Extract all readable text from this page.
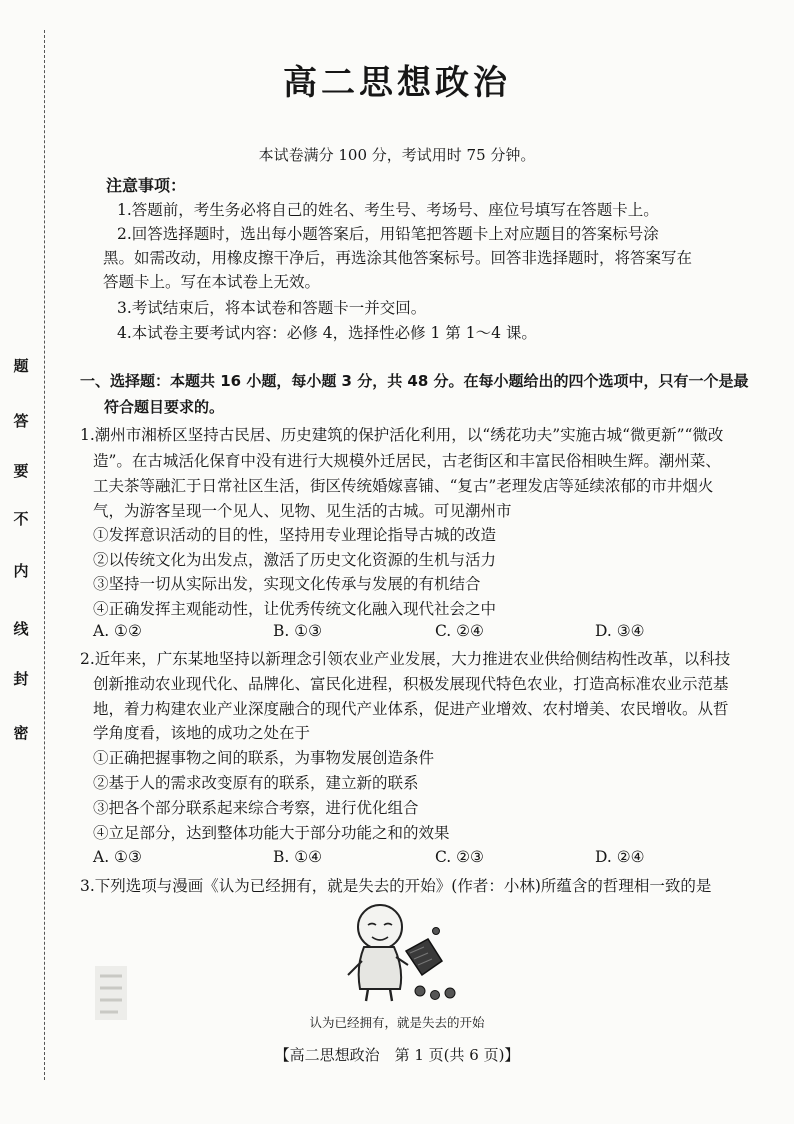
题
答
要
不
内
线
封
密
高二思想政治
本试卷满分 100 分，考试用时 75 分钟。
注意事项：
1.答题前，考生务必将自己的姓名、考生号、考场号、座位号填写在答题卡上。
2.回答选择题时，选出每小题答案后，用铅笔把答题卡上对应题目的答案标号涂
黑。如需改动，用橡皮擦干净后，再选涂其他答案标号。回答非选择题时，将答案写在
答题卡上。写在本试卷上无效。
3.考试结束后，将本试卷和答题卡一并交回。
4.本试卷主要考试内容：必修 4，选择性必修 1 第 1～4 课。
一、选择题：本题共 16 小题，每小题 3 分，共 48 分。在每小题给出的四个选项中，只有一个是最
符合题目要求的。
1.潮州市湘桥区坚持古民居、历史建筑的保护活化利用，以“绣花功夫”实施古城“微更新”“微改
造”。在古城活化保育中没有进行大规模外迁居民，古老街区和丰富民俗相映生辉。潮州菜、
工夫茶等融汇于日常社区生活，街区传统婚嫁喜铺、“复古”老理发店等延续浓郁的市井烟火
气，为游客呈现一个见人、见物、见生活的古城。可见潮州市
①发挥意识活动的目的性，坚持用专业理论指导古城的改造
②以传统文化为出发点，激活了历史文化资源的生机与活力
③坚持一切从实际出发，实现文化传承与发展的有机结合
④正确发挥主观能动性，让优秀传统文化融入现代社会之中
A. ①②	B. ①③	C. ②④	D. ③④
2.近年来，广东某地坚持以新理念引领农业产业发展，大力推进农业供给侧结构性改革，以科技
创新推动农业现代化、品牌化、富民化进程，积极发展现代特色农业，打造高标准农业示范基
地，着力构建农业产业深度融合的现代产业体系，促进产业增效、农村增美、农民增收。从哲
学角度看，该地的成功之处在于
①正确把握事物之间的联系，为事物发展创造条件
②基于人的需求改变原有的联系，建立新的联系
③把各个部分联系起来综合考察，进行优化组合
④立足部分，达到整体功能大于部分功能之和的效果
A. ①③	B. ①④	C. ②③	D. ②④
3.下列选项与漫画《认为已经拥有，就是失去的开始》(作者：小林)所蕴含的哲理相一致的是
认为已经拥有，就是失去的开始
【高二思想政治　第 1 页(共 6 页)】
